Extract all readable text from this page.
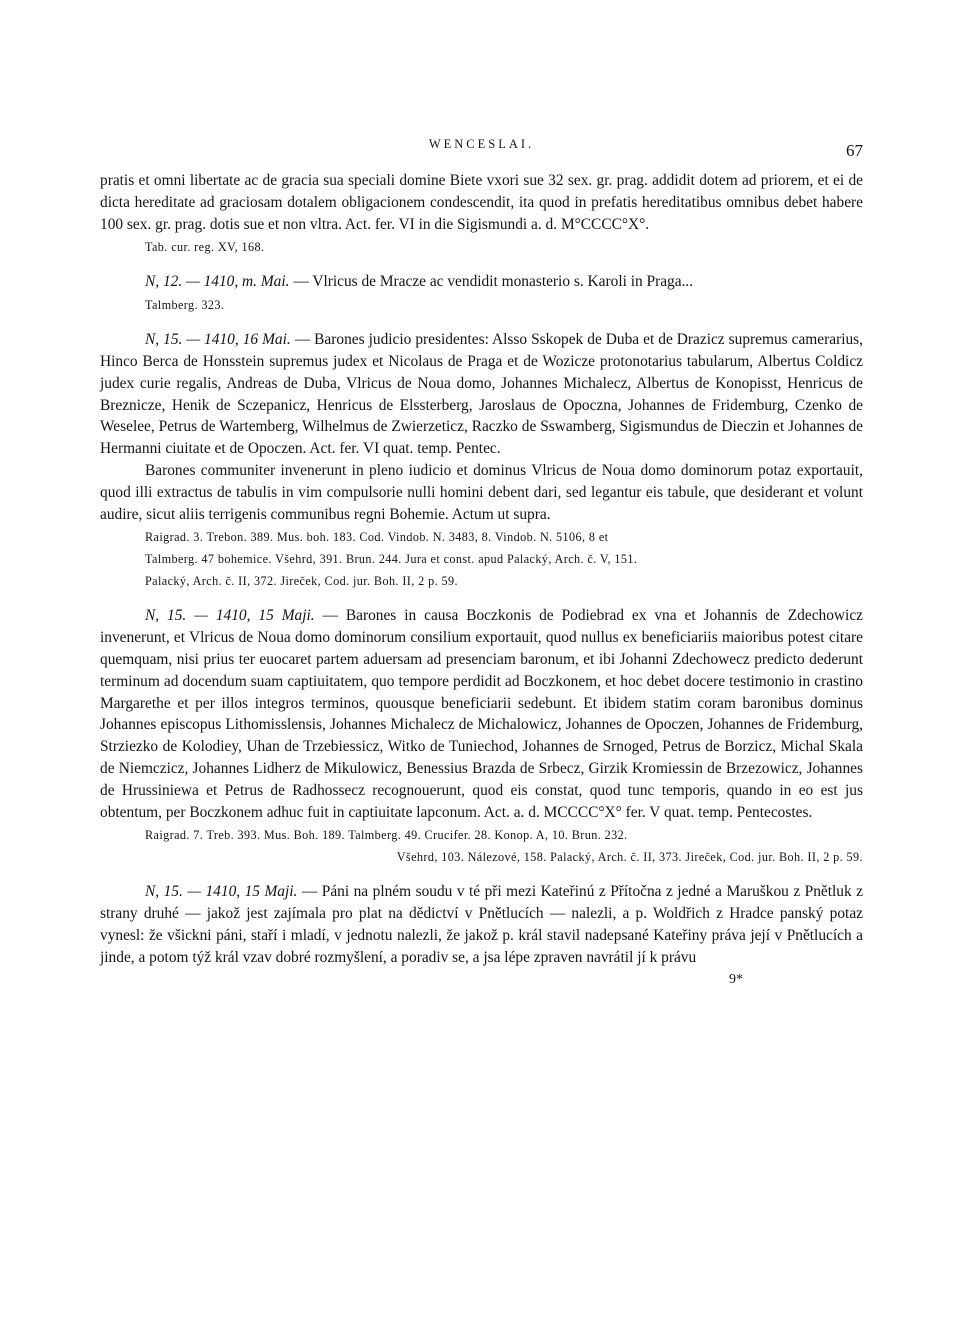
WENCESLAI.	67

pratis et omni libertate ac de gracia sua speciali domine Biete vxori sue 32 sex. gr. prag. addidit dotem ad priorem, et ei de dicta hereditate ad graciosam dotalem obligacionem condescendit, ita quod in prefatis hereditatibus omnibus debet habere 100 sex. gr. prag. dotis sue et non vltra. Act. fer. VI in die Sigismundi a. d. M°CCCC°X°.

Tab. cur. reg. XV, 168.

N, 12. — 1410, m. Mai. — Vlricus de Mracze ac vendidit monasterio s. Karoli in Praga...

Talmberg. 323.

N, 15. — 1410, 16 Mai. — Barones judicio presidentes: Alsso Sskopek de Duba et de Drazicz supremus camerarius, Hinco Berca de Honsstein supremus judex et Nicolaus de Praga et de Wozicze protonotarius tabularum, Albertus Coldicz judex curie regalis, Andreas de Duba, Vlricus de Noua domo, Johannes Michalecz, Albertus de Konopisst, Henricus de Breznicze, Henik de Sczepanicz, Henricus de Elssterberg, Jaroslaus de Opoczna, Johannes de Fridemburg, Czenko de Weselee, Petrus de Wartemberg, Wilhelmus de Zwierzeticz, Raczko de Sswamberg, Sigismundus de Dieczin et Johannes de Hermanni ciuitate et de Opoczen. Act. fer. VI quat. temp. Pentec.

Barones communiter invenerunt in pleno iudicio et dominus Vlricus de Noua domo dominorum potaz exportauit, quod illi extractus de tabulis in vim compulsorie nulli homini debent dari, sed legantur eis tabule, que desiderant et volunt audire, sicut aliis terrigenis communibus regni Bohemie. Actum ut supra.

Raigrad. 3. Trebon. 389. Mus. boh. 183. Cod. Vindob. N. 3483, 8. Vindob. N. 5106, 8 et
Talmberg. 47 bohemice. Všehrd, 391. Brun. 244. Jura et const. apud Palacký, Arch. č. V, 151.
Palacký, Arch. č. II, 372. Jireček, Cod. jur. Boh. II, 2 p. 59.

N, 15. — 1410, 15 Maji. — Barones in causa Boczkonis de Podiebrad ex vna et Johannis de Zdechowicz invenerunt, et Vlricus de Noua domo dominorum consilium exportauit, quod nullus ex beneficiariis maioribus potest citare quemquam, nisi prius ter euocaret partem aduersam ad presenciam baronum, et ibi Johanni Zdechowecz predicto dederunt terminum ad docendum suam captiuitatem, quo tempore perdidit ad Boczkonem, et hoc debet docere testimonio in crastino Margarethe et per illos integros terminos, quousque beneficiarii sedebunt. Et ibidem statim coram baronibus dominus Johannes episcopus Lithomisslensis, Johannes Michalecz de Michalowicz, Johannes de Opoczen, Johannes de Fridemburg, Strziezko de Kolodiey, Uhan de Trzebiessicz, Witko de Tuniechod, Johannes de Srnoged, Petrus de Borzicz, Michal Skala de Niemczicz, Johannes Lidherz de Mikulowicz, Benessius Brazda de Srbecz, Girzik Kromiessin de Brzezowicz, Johannes de Hrussiniewa et Petrus de Radhossecz recognouerunt, quod eis constat, quod tunc temporis, quando in eo est jus obtentum, per Boczkonem adhuc fuit in captiuitate lapconum. Act. a. d. MCCCC°X° fer. V quat. temp. Pentecostes.

Raigrad. 7. Treb. 393. Mus. Boh. 189. Talmberg. 49. Crucifer. 28. Konop. A, 10. Brun. 232.
Všehrd, 103. Nálezové, 158. Palacký, Arch. č. II, 373. Jireček, Cod. jur. Boh. II, 2 p. 59.

N, 15. — 1410, 15 Maji. — Páni na plném soudu v té při mezi Kateřinú z Přítočna z jedné a Maruškou z Pnětluk z strany druhé — jakož jest zajímala pro plat na dědictví v Pnětlucích — nalezli, a p. Woldřich z Hradce panský potaz vynesl: že všickni páni, staří i mladí, v jednotu nalezli, že jakož p. král stavil nadepsané Kateřiny práva její v Pnětlucích a jinde, a potom týž král vzav dobré rozmyšlení, a poradiv se, a jsa lépe zpraven navrátil jí k právu

9*
